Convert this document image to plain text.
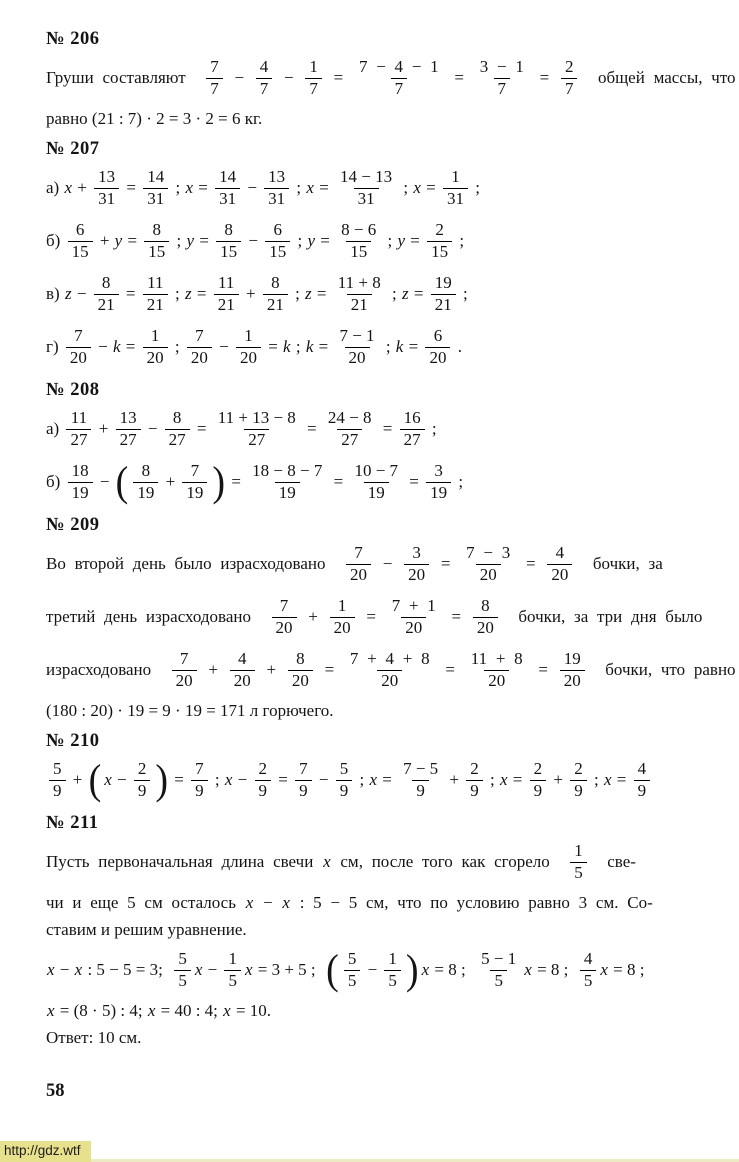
№ 206
Груши составляют $\frac{7}{7} - \frac{4}{7} - \frac{1}{7} = \frac{7 - 4 - 1}{7} = \frac{3 - 1}{7} = \frac{2}{7}$ общей массы, что
равно (21 : 7) · 2 = 3 · 2 = 6 кг.
№ 207
а) $x + \frac{13}{31} = \frac{14}{31}$ ; $x = \frac{14}{31} - \frac{13}{31}$ ; $x = \frac{14 - 13}{31}$ ; $x = \frac{1}{31}$ ;
$б) \frac{6}{15} + y = \frac{8}{15}$ ; $y = \frac{8}{15} - \frac{6}{15}$ ; $y = \frac{8 - 6}{15}$ ; $y = \frac{2}{15}$ ;
в) $z - \frac{8}{21} = \frac{11}{21}$ ; $z = \frac{11}{21} + \frac{8}{21}$ ; $z = \frac{11 + 8}{21}$ ; $z = \frac{19}{21}$ ;
$г) \frac{7}{20} - k = \frac{1}{20}$ ; $\frac{7}{20} - \frac{1}{20} = k$ ; $k = \frac{7 - 1}{20}$ ; $k = \frac{6}{20}$ .
№ 208
$а) \frac{11}{27} + \frac{13}{27} - \frac{8}{27} = \frac{11 + 13 - 8}{27} = \frac{24 - 8}{27} = \frac{16}{27}$ ;
$б) \frac{18}{19}$ − ( $\frac{8}{19} + \frac{7}{19}$ ) = $\frac{18 - 8 - 7}{19} = \frac{10 - 7}{19} = \frac{3}{19}$ ;
№ 209
Во второй день было израсходовано $\frac{7}{20} - \frac{3}{20} = \frac{7 - 3}{20} = \frac{4}{20}$ бочки, за
третий день израсходовано $\frac{7}{20} + \frac{1}{20} = \frac{7 + 1}{20} = \frac{8}{20}$ бочки, за три дня было
израсходовано $\frac{7}{20} + \frac{4}{20} + \frac{8}{20} = \frac{7 + 4 + 8}{20} = \frac{11 + 8}{20} = \frac{19}{20}$ бочки, что равно
(180 : 20) · 19 = 9 · 19 = 171 л горючего.
№ 210
$\frac{5}{9}$ + ( $x - \frac{2}{9}$ ) = $\frac{7}{9}$ ; $x - \frac{2}{9} = \frac{7}{9} - \frac{5}{9}$ ; $x = \frac{7 - 5}{9} + \frac{2}{9}$ ; $x = \frac{2}{9} + \frac{2}{9}$ ; $x = \frac{4}{9}$
№ 211
Пусть первоначальная длина свечи x см, после того как сгорело $\frac{1}{5} све-$
чи и еще 5 см осталось x − x : 5 − 5 см, что по условию равно 3 см. Со-
ставим и решим уравнение.
x − x : 5 − 5 = 3; $\frac{5}{5}$ $x - \frac{1}{5}$ x = 3 + 5 ; ( $\frac{5}{5} - \frac{1}{5}$ ) x = 8 ; $\frac{5 - 1}{5}$ x = 8 ; $\frac{4}{5}$ x = 8 ;
x = (8 · 5) : 4; x = 40 : 4; x = 10.
Ответ: 10 см.
58
http://gdz.wtf
